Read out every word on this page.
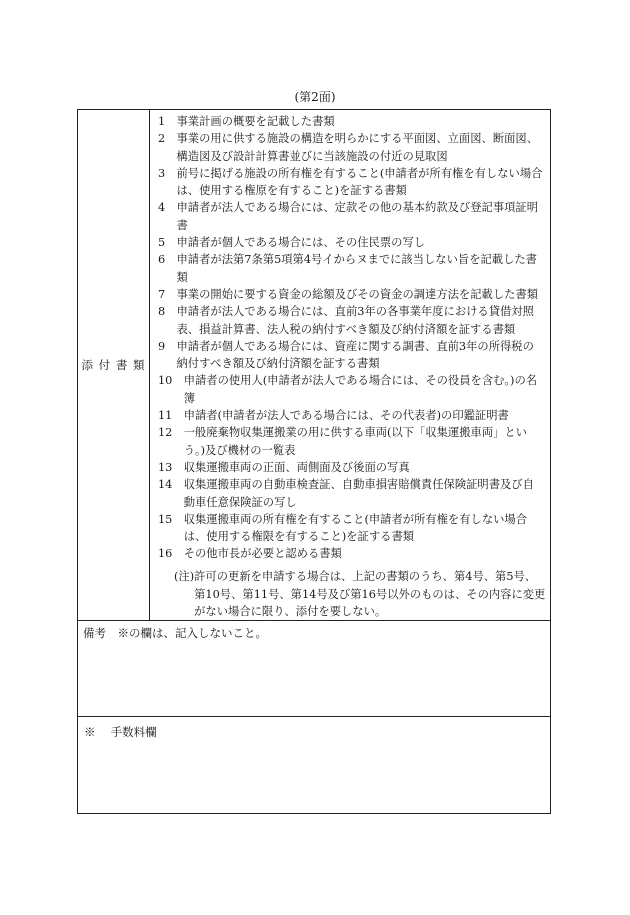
(第2面)
添 付 書 類
1
　 事業計画の概要を記載した書類
2
　 事業の用に供する施設の構造を明らかにする平面図、立面図、断面図、構造図及び設計計算書並びに当該施設の付近の見取図
3
　 前号に掲げる施設の所有権を有すること(申請者が所有権を有しない場合は、使用する権原を有すること)を証する書類
4
　 申請者が法人である場合には、定款その他の基本約款及び登記事項証明書
5
　 申請者が個人である場合には、その住民票の写し
6
　 申請者が法第7条第5項第4号イからヌまでに該当しない旨を記載した書類
7
　 事業の開始に要する資金の総額及びその資金の調達方法を記載した書類
8
　 申請者が法人である場合には、直前3年の各事業年度における貸借対照表、損益計算書、法人税の納付すべき額及び納付済額を証する書類
9
　 申請者が個人である場合には、資産に関する調書、直前3年の所得税の納付すべき額及び納付済額を証する書類
10
　 申請者の使用人(申請者が法人である場合には、その役員を含む。)の名簿
11
　 申請者(申請者が法人である場合には、その代表者)の印鑑証明書
12
　 一般廃棄物収集運搬業の用に供する車両(以下「収集運搬車両」という。)及び機材の一覧表
13
　 収集運搬車両の正面、両側面及び後面の写真
14
　 収集運搬車両の自動車検査証、自動車損害賠償責任保険証明書及び自動車任意保険証の写し
15
　 収集運搬車両の所有権を有すること(申請者が所有権を有しない場合は、使用する権限を有すること)を証する書類
16
　 その他市長が必要と認める書類
(注) 許可の更新を申請する場合は、上記の書類のうち、第4号、第5号、第10号、第11号、第14号及び第16号以外のものは、その内容に変更がない場合に限り、添付を要しない。
備考　※の欄は、記入しないこと。
※　 手数料欄
